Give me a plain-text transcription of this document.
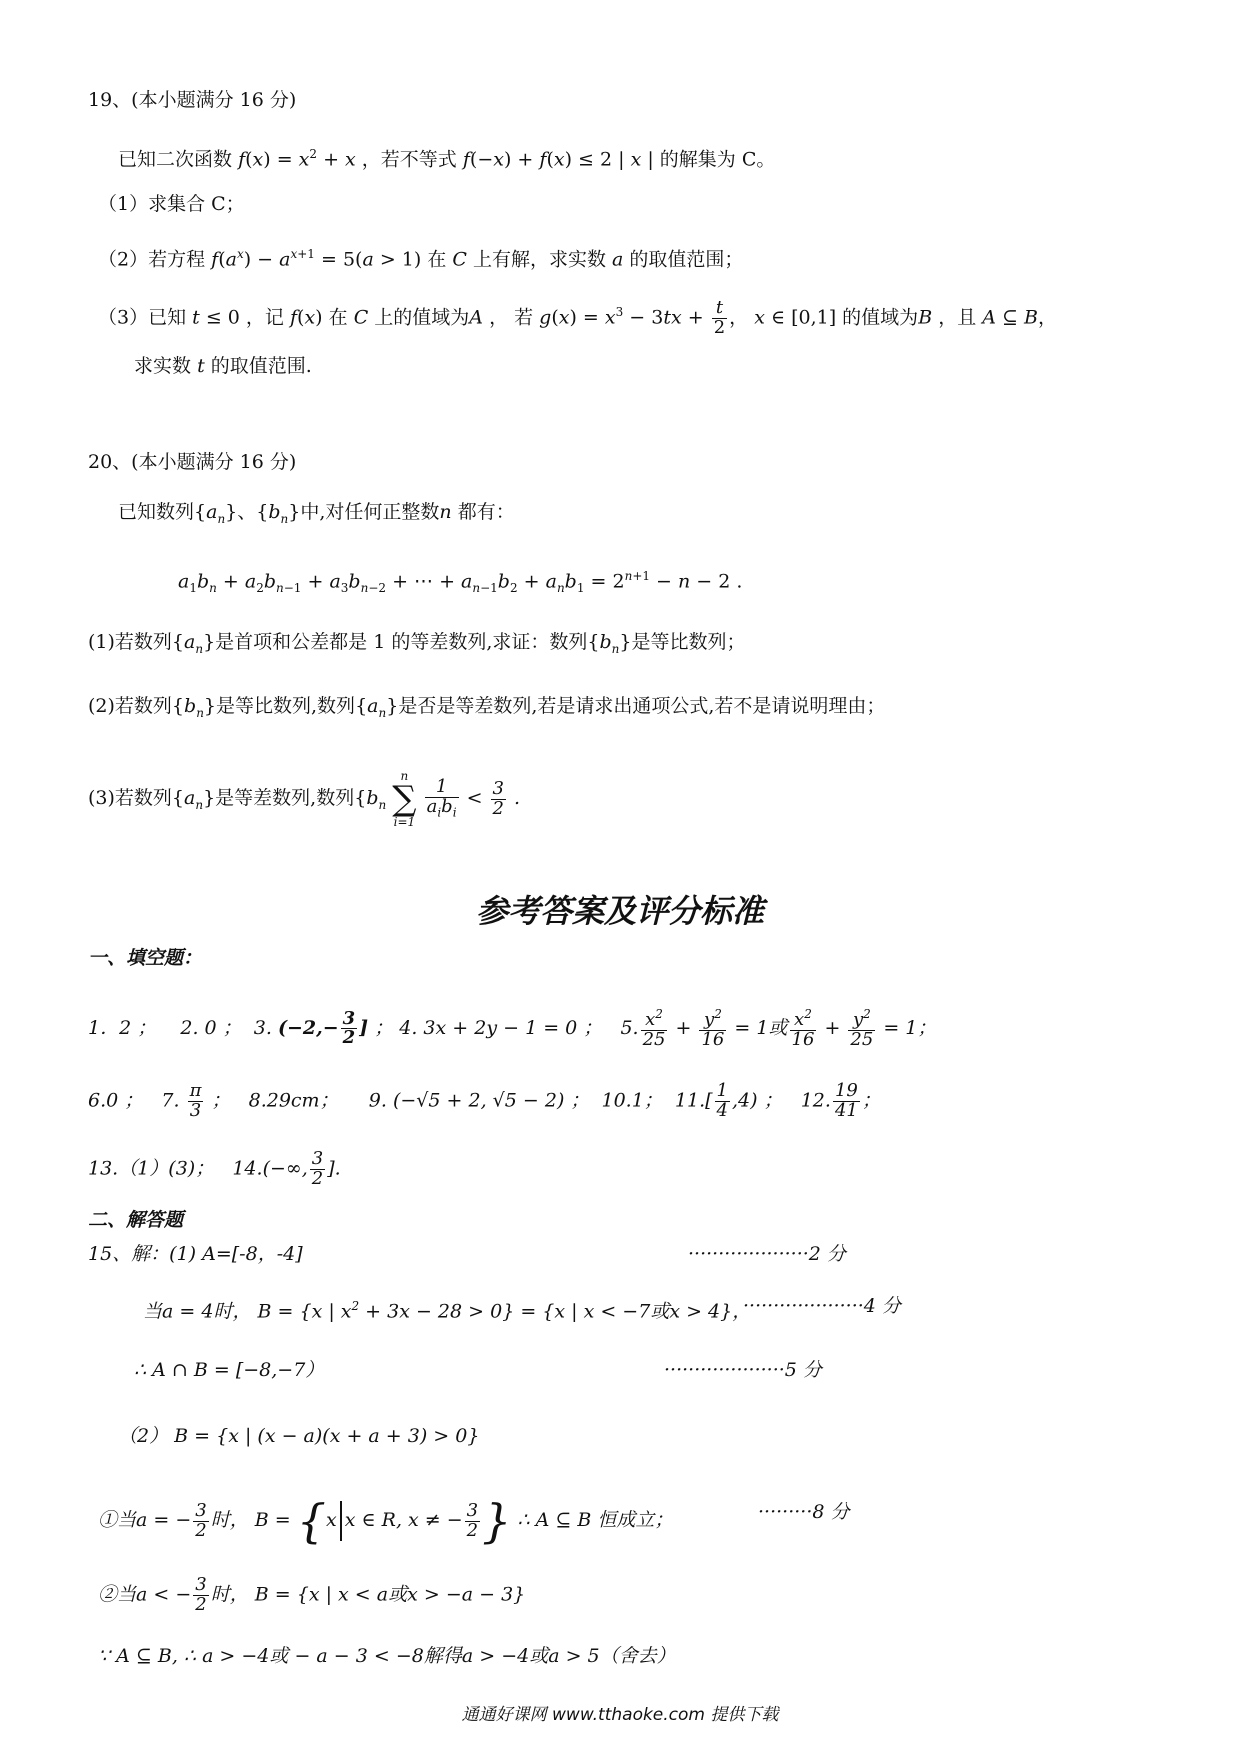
19、(本小题满分 16 分)
已知二次函数 $f(x) = x^2 + x$ ，若不等式 f(−x) + f(x) ≤ 2 | x | 的解集为 C。
（1）求集合 C；
（2）若方程 $f(a^x) - a^{x+1} = 5(a > 1)$ 在 C 上有解，求实数 a 的取值范围；
（3）已知 t ≤ 0 ，记 f(x) 在 C 上的值域为A ， 若 $g(x) = x^3 - 3tx + \frac{t}{2}$ ， x ∈ [0,1] 的值域为B ，且 A ⊆ B，
求实数 t 的取值范围.
20、(本小题满分 16 分)
已知数列$\{a_n\}$、$\{b_n\}$中,对任何正整数n 都有：
$a_1b_n + a_2b_{n-1} + a_3b_{n-2}$ + ⋯ + $a_{n-1}b_2 + a_nb_1 = 2^{n+1} - n - 2$ .
(1)若数列$\{a_n\}$是首项和公差都是 1 的等差数列,求证：数列$\{b_n\}$是等比数列；
(2)若数列$\{b_n\}$是等比数列,数列$\{a_n\}$是否是等差数列,若是请求出通项公式,若不是请说明理由；
(3)若数列$\{a_n\}$是等差数列,数列{$b_n$
n
∑
i=1

$\frac{1}{a_ib_i} < \frac{3}{2}$ .
参考答案及评分标准
一、填空题：
1．2 ； 2. 0 ； 3. ($-2,- \frac{3}{2}$ ] ； 4. 3x + 2y − 1 = 0 ； 5. $\frac{x^2}{25} + \frac{y^2}{16} = 1$或 $\frac{x^2}{16} + \frac{y^2}{25} = 1$；
6.0 ； 7. $\frac{\pi}{3}$ ； 8.29cm； 9. (−√5 + 2, √5 − 2) ； 10.1； $11.[ \frac{1}{4} ,4)$ ； 12. $\frac{19}{41}$ ；
13.（1）(3)； 14.(−∞, $\frac{3}{2}$ ].
二、解答题
15、解：(1) A=[-8，-4]	····················2 分
当a = 4时， B = {x | $x^2 + 3x - 28 > 0\} = \{x$ | x < −7或x > 4}，
····················4 分
∴ A ∩ B = [−8,−7）	····················5 分
（2） B = {x | (x − a)(x + a + 3) > 0}
①当a = − $\frac{3}{2}$ 时， B = {x x ∈ R, x ≠ − $\frac{3}{2}$ } ∴ A ⊆ B 恒成立；	·········8 分
②当a < − $\frac{3}{2}$ 时， B = {x | x < a或x > −a − 3}
∵ A ⊆ B, ∴ a > −4或 − a − 3 < −8解得a > −4或a > 5（舍去）
通通好课网 www.tthaoke.com 提供下载
